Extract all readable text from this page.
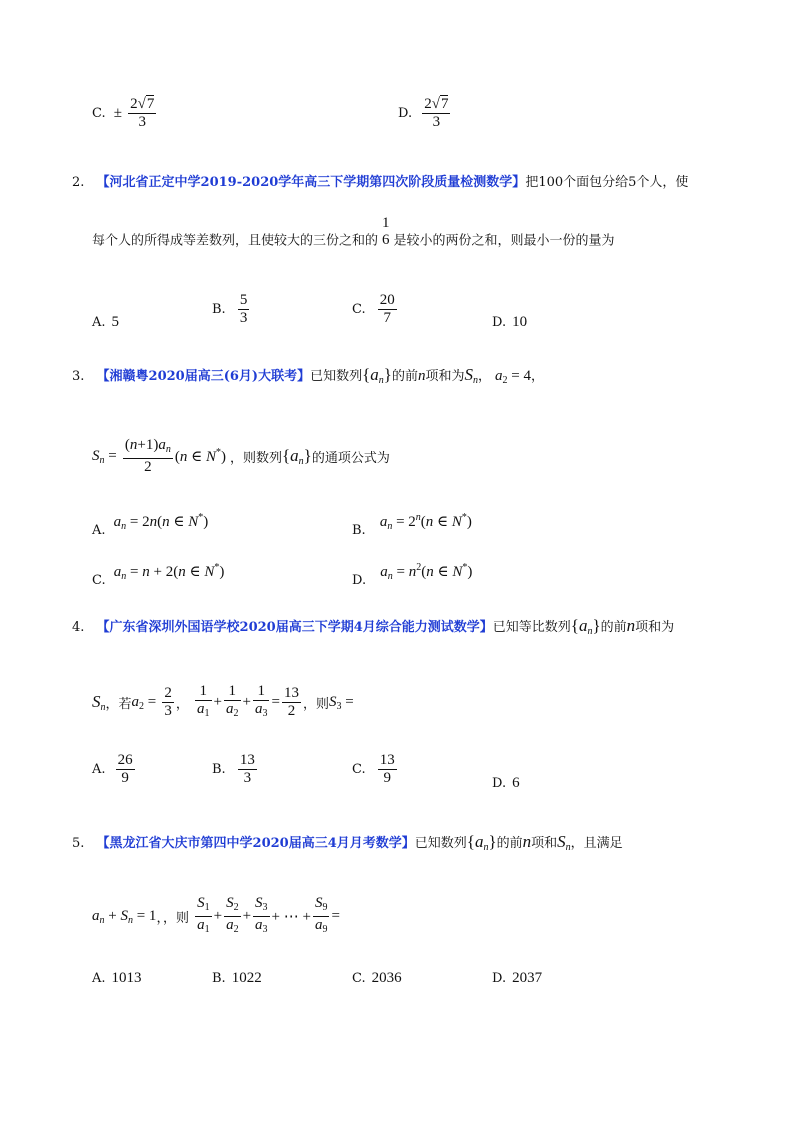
C. ± $\frac{2√7}{3}$	D. $\frac{2√7}{3}$
2. 【河北省正定中学2019-2020学年高三下学期第四次阶段质量检测数学】把100个面包分给5个人，使
每个人的所得成等差数列，且使较大的三份之和的
1
6 是较小的两份之和，则最小一份的量为
A. 5
B. $\frac{5}{3}$	C. $\frac{20}{7}$	D. 10
3. 【湘赣粤2020届高三(6月)大联考】已知数列$\{a_n\}$的前n项和为$S_n$， $a_2 = 4$，
$S_n = \frac{(n+1)a_n}{2} (n$ ∈ N*) ，则数列$\{a_n\}$的通项公式为
A. $a_n = 2n(n$ ∈ N*)
B. $a_n = 2^n(n$ ∈ N*)
C. $a_n = n + 2(n$ ∈ N*)
D. $a_n = n^2(n$ ∈ N*)
4. 【广东省深圳外国语学校2020届高三下学期4月综合能力测试数学】已知等比数列$\{a_n\}$的前n项和为
$S_n$，若$a_2 = \frac{2}{3}$ ， $\frac{1}{a_1} + \frac{1}{a_2} + \frac{1}{a_3} = \frac{13}{2}$ ，则$S_3$ =
A. $\frac{26}{9}$	B. $\frac{13}{3}$	C. $\frac{13}{9}$	D. 6
5. 【黑龙江省大庆市第四中学2020届高三4月月考数学】已知数列$\{a_n\}$的前n项和$S_n$，且满足
$a_n + S_n = 1$，，则 $\frac{S_1}{a_1} + \frac{S_2}{a_2} + \frac{S_3}{a_3}$ + ⋯ + $\frac{S_9}{a_9}$ =
A. 1013	B. 1022	C. 2036	D. 2037
